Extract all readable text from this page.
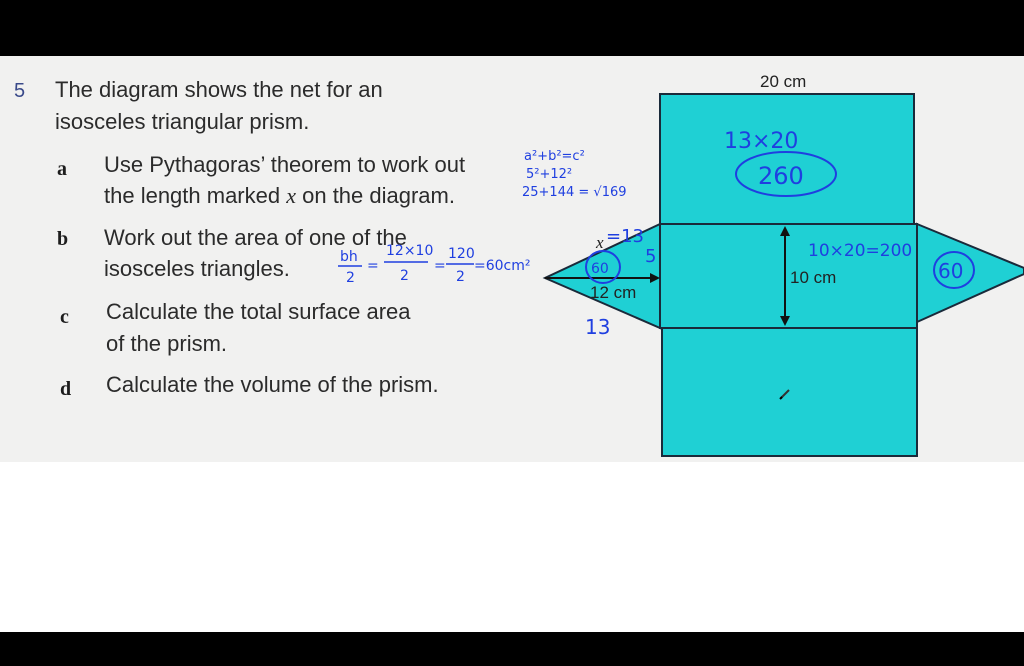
5 The diagram shows the net for an
isosceles triangular prism.
a Use Pythagoras’ theorem to work out
the length marked x on the diagram.
b Work out the area of one of the
isosceles triangles.
c Calculate the total surface area
of the prism.
d Calculate the volume of the prism.
12 cm
10 cm
20 cm
x
13×20
260
10×20=200
60
60
=13
5
13
a²+b²=c²
5²+12²
25+144 = √169
bh
2
=
12×10
2
=
120
2
=60cm²
